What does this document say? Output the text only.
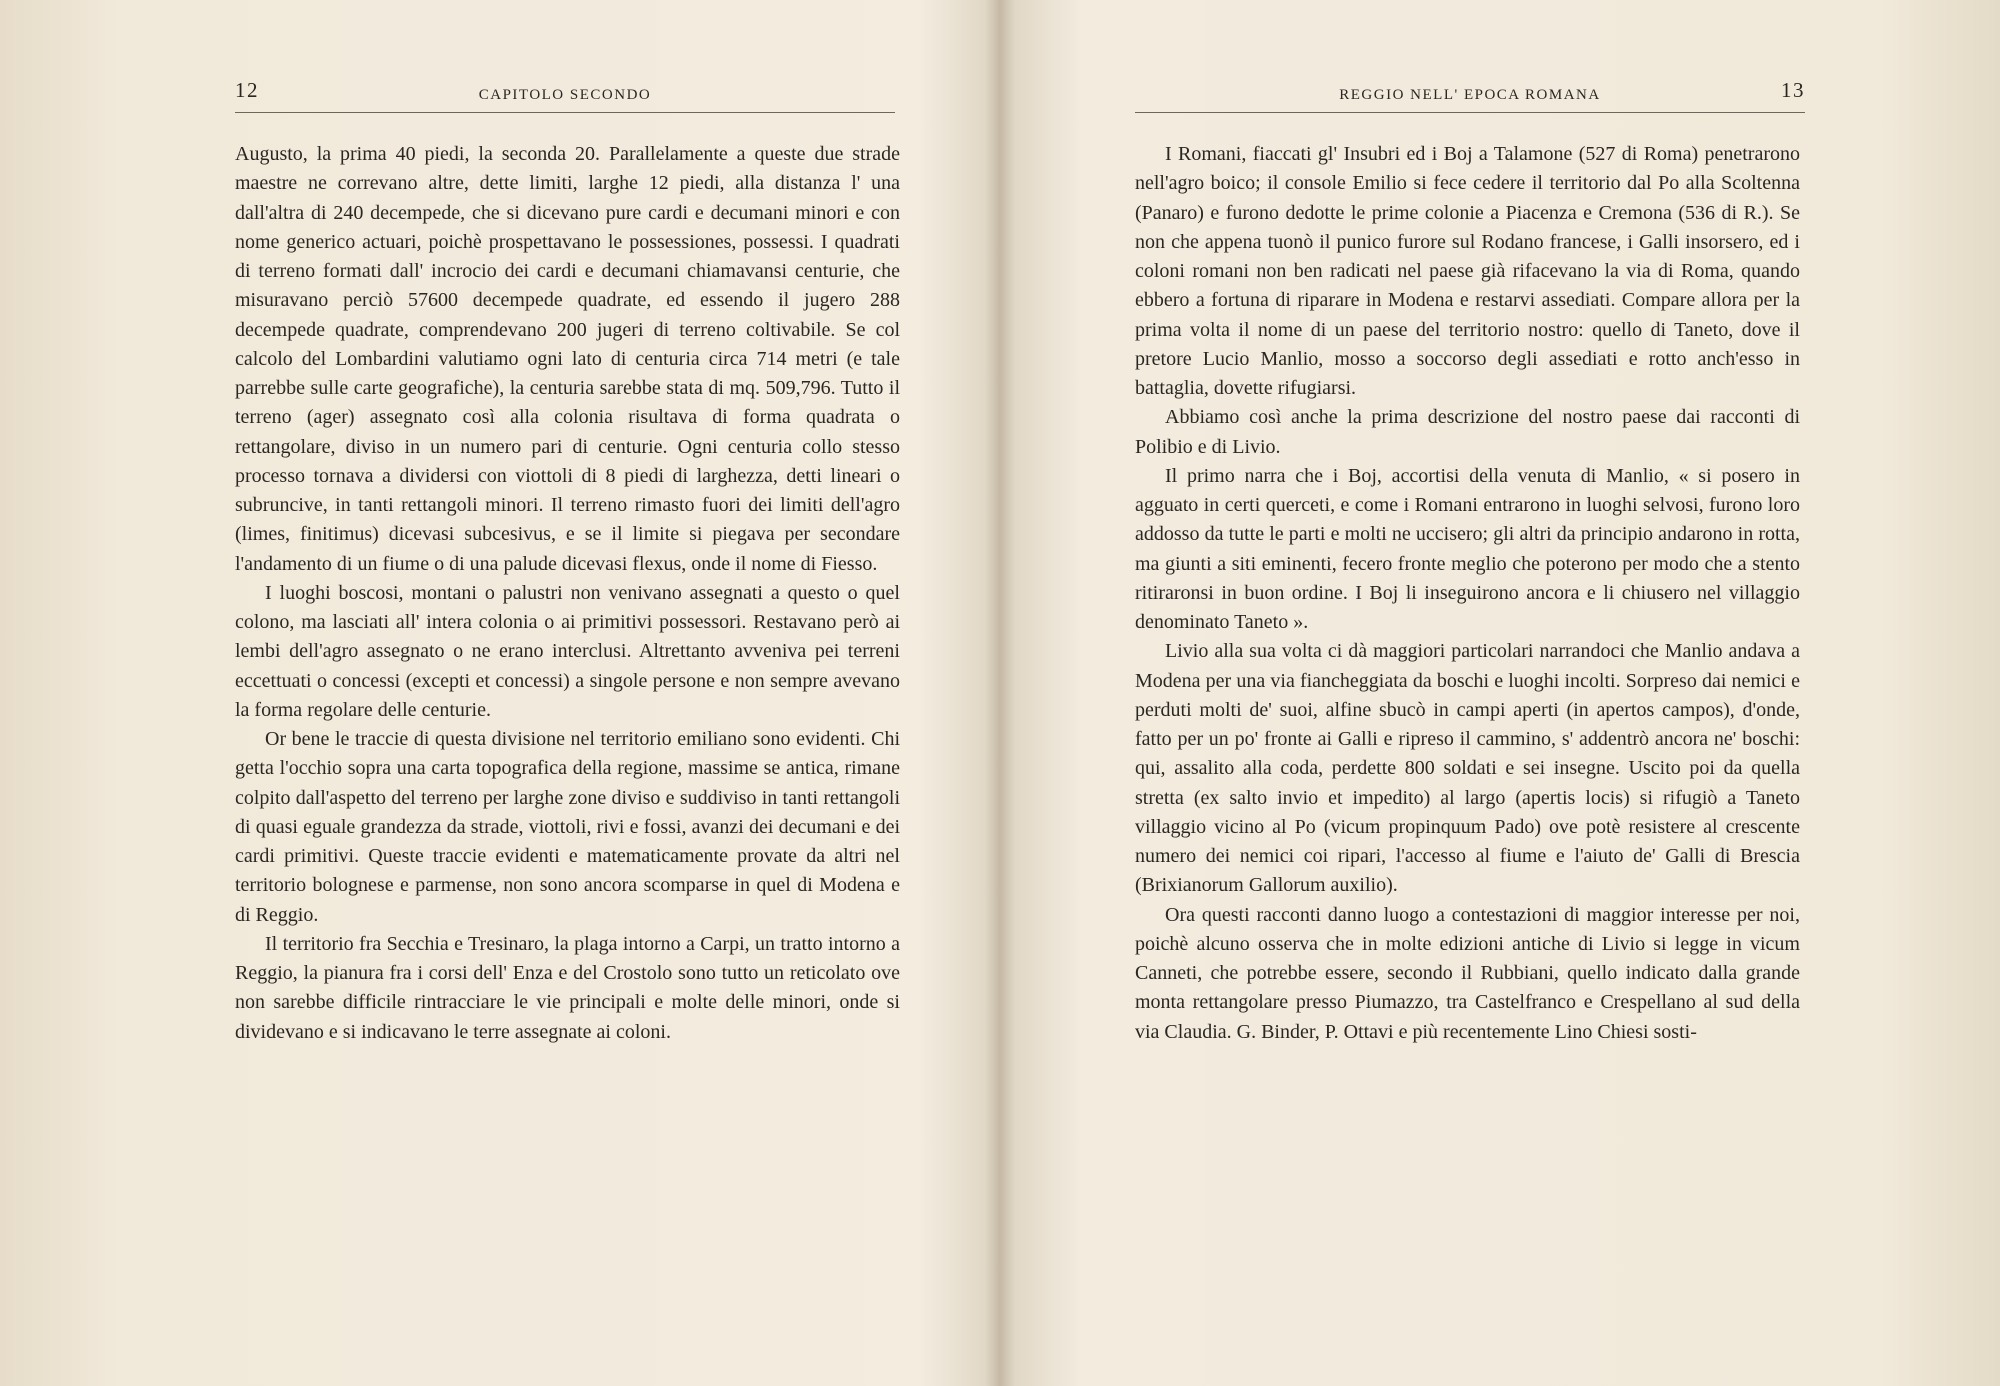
12	CAPITOLO SECONDO

Augusto, la prima 40 piedi, la seconda 20. Parallelamente a queste due strade maestre ne correvano altre, dette limiti, larghe 12 piedi, alla distanza l' una dall'altra di 240 decempede, che si dicevano pure cardi e decumani minori e con nome generico actuari, poichè prospettavano le possessiones, possessi. I quadrati di terreno formati dall' incrocio dei cardi e decumani chiamavansi centurie, che misuravano perciò 57600 decempede quadrate, ed essendo il jugero 288 decempede quadrate, comprendevano 200 jugeri di terreno coltivabile. Se col calcolo del Lombardini valutiamo ogni lato di centuria circa 714 metri (e tale parrebbe sulle carte geografiche), la centuria sarebbe stata di mq. 509,796. Tutto il terreno (ager) assegnato così alla colonia risultava di forma quadrata o rettangolare, diviso in un numero pari di centurie. Ogni centuria collo stesso processo tornava a dividersi con viottoli di 8 piedi di larghezza, detti lineari o subruncive, in tanti rettangoli minori. Il terreno rimasto fuori dei limiti dell'agro (limes, finitimus) dicevasi subcesivus, e se il limite si piegava per secondare l'andamento di un fiume o di una palude dicevasi flexus, onde il nome di Fiesso.

I luoghi boscosi, montani o palustri non venivano assegnati a questo o quel colono, ma lasciati all' intera colonia o ai primitivi possessori. Restavano però ai lembi dell'agro assegnato o ne erano interclusi. Altrettanto avveniva pei terreni eccettuati o concessi (excepti et concessi) a singole persone e non sempre avevano la forma regolare delle centurie.

Or bene le traccie di questa divisione nel territorio emiliano sono evidenti. Chi getta l'occhio sopra una carta topografica della regione, massime se antica, rimane colpito dall'aspetto del terreno per larghe zone diviso e suddiviso in tanti rettangoli di quasi eguale grandezza da strade, viottoli, rivi e fossi, avanzi dei decumani e dei cardi primitivi. Queste traccie evidenti e matematicamente provate da altri nel territorio bolognese e parmense, non sono ancora scomparse in quel di Modena e di Reggio.

Il territorio fra Secchia e Tresinaro, la plaga intorno a Carpi, un tratto intorno a Reggio, la pianura fra i corsi dell' Enza e del Crostolo sono tutto un reticolato ove non sarebbe difficile rintracciare le vie principali e molte delle minori, onde si dividevano e si indicavano le terre assegnate ai coloni.

REGGIO NELL' EPOCA ROMANA	13

I Romani, fiaccati gl' Insubri ed i Boj a Talamone (527 di Roma) penetrarono nell'agro boico; il console Emilio si fece cedere il territorio dal Po alla Scoltenna (Panaro) e furono dedotte le prime colonie a Piacenza e Cremona (536 di R.). Se non che appena tuonò il punico furore sul Rodano francese, i Galli insorsero, ed i coloni romani non ben radicati nel paese già rifacevano la via di Roma, quando ebbero a fortuna di riparare in Modena e restarvi assediati. Compare allora per la prima volta il nome di un paese del territorio nostro: quello di Taneto, dove il pretore Lucio Manlio, mosso a soccorso degli assediati e rotto anch'esso in battaglia, dovette rifugiarsi.

Abbiamo così anche la prima descrizione del nostro paese dai racconti di Polibio e di Livio.

Il primo narra che i Boj, accortisi della venuta di Manlio, « si posero in agguato in certi querceti, e come i Romani entrarono in luoghi selvosi, furono loro addosso da tutte le parti e molti ne uccisero; gli altri da principio andarono in rotta, ma giunti a siti eminenti, fecero fronte meglio che poterono per modo che a stento ritiraronsi in buon ordine. I Boj li inseguirono ancora e li chiusero nel villaggio denominato Taneto ».

Livio alla sua volta ci dà maggiori particolari narrandoci che Manlio andava a Modena per una via fiancheggiata da boschi e luoghi incolti. Sorpreso dai nemici e perduti molti de' suoi, alfine sbucò in campi aperti (in apertos campos), d'onde, fatto per un po' fronte ai Galli e ripreso il cammino, s' addentrò ancora ne' boschi: qui, assalito alla coda, perdette 800 soldati e sei insegne. Uscito poi da quella stretta (ex salto invio et impedito) al largo (apertis locis) si rifugiò a Taneto villaggio vicino al Po (vicum propinquum Pado) ove potè resistere al crescente numero dei nemici coi ripari, l'accesso al fiume e l'aiuto de' Galli di Brescia (Brixianorum Gallorum auxilio).

Ora questi racconti danno luogo a contestazioni di maggior interesse per noi, poichè alcuno osserva che in molte edizioni antiche di Livio si legge in vicum Canneti, che potrebbe essere, secondo il Rubbiani, quello indicato dalla grande monta rettangolare presso Piumazzo, tra Castelfranco e Crespellano al sud della via Claudia. G. Binder, P. Ottavi e più recentemente Lino Chiesi sosti-
